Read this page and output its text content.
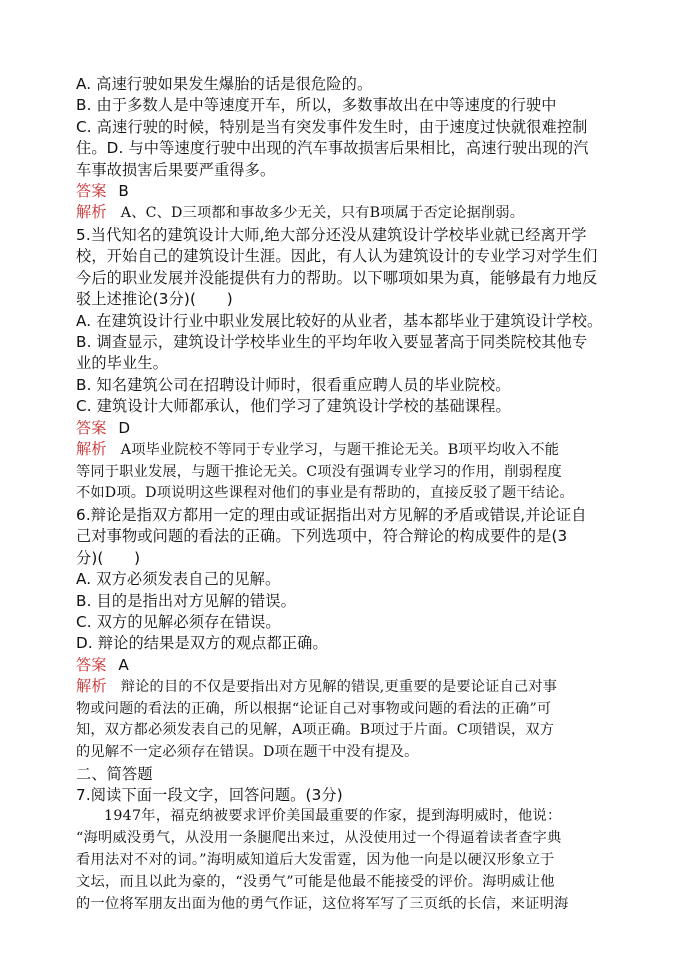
A. 高速行驶如果发生爆胎的话是很危险的。
B. 由于多数人是中等速度开车，所以，多数事故出在中等速度的行驶中
C. 高速行驶的时候，特别是当有突发事件发生时，由于速度过快就很难控制
住。D. 与中等速度行驶中出现的汽车事故损害后果相比，高速行驶出现的汽
车事故损害后果要严重得多。
答案 B
解析 A、C、D三项都和事故多少无关，只有B项属于否定论据削弱。
5.当代知名的建筑设计大师,绝大部分还没从建筑设计学校毕业就已经离开学
校，开始自己的建筑设计生涯。因此，有人认为建筑设计的专业学习对学生们
今后的职业发展并没能提供有力的帮助。以下哪项如果为真，能够最有力地反
驳上述推论(3分)(　　)
A. 在建筑设计行业中职业发展比较好的从业者，基本都毕业于建筑设计学校。
B. 调查显示，建筑设计学校毕业生的平均年收入要显著高于同类院校其他专
业的毕业生。
B. 知名建筑公司在招聘设计师时，很看重应聘人员的毕业院校。
C. 建筑设计大师都承认，他们学习了建筑设计学校的基础课程。
答案 D
解析 A项毕业院校不等同于专业学习，与题干推论无关。B项平均收入不能
等同于职业发展，与题干推论无关。C项没有强调专业学习的作用，削弱程度
不如D项。D项说明这些课程对他们的事业是有帮助的，直接反驳了题干结论。
6.辩论是指双方都用一定的理由或证据指出对方见解的矛盾或错误,并论证自
己对事物或问题的看法的正确。下列选项中，符合辩论的构成要件的是(3
分)(　　)
A. 双方必须发表自己的见解。
B. 目的是指出对方见解的错误。
C. 双方的见解必须存在错误。
D. 辩论的结果是双方的观点都正确。
答案 A
解析 辩论的目的不仅是要指出对方见解的错误,更重要的是要论证自己对事
物或问题的看法的正确，所以根据“论证自己对事物或问题的看法的正确”可
知，双方都必须发表自己的见解，A项正确。B项过于片面。C项错误，双方
的见解不一定必须存在错误。D项在题干中没有提及。
二、简答题
7.阅读下面一段文字，回答问题。(3分)
1947年，福克纳被要求评价美国最重要的作家，提到海明威时，他说：
“海明威没勇气，从没用一条腿爬出来过，从没使用过一个得逼着读者查字典
看用法对不对的词。”海明威知道后大发雷霆，因为他一向是以硬汉形象立于
文坛，而且以此为豪的，“没勇气”可能是他最不能接受的评价。海明威让他
的一位将军朋友出面为他的勇气作证，这位将军写了三页纸的长信，来证明海
